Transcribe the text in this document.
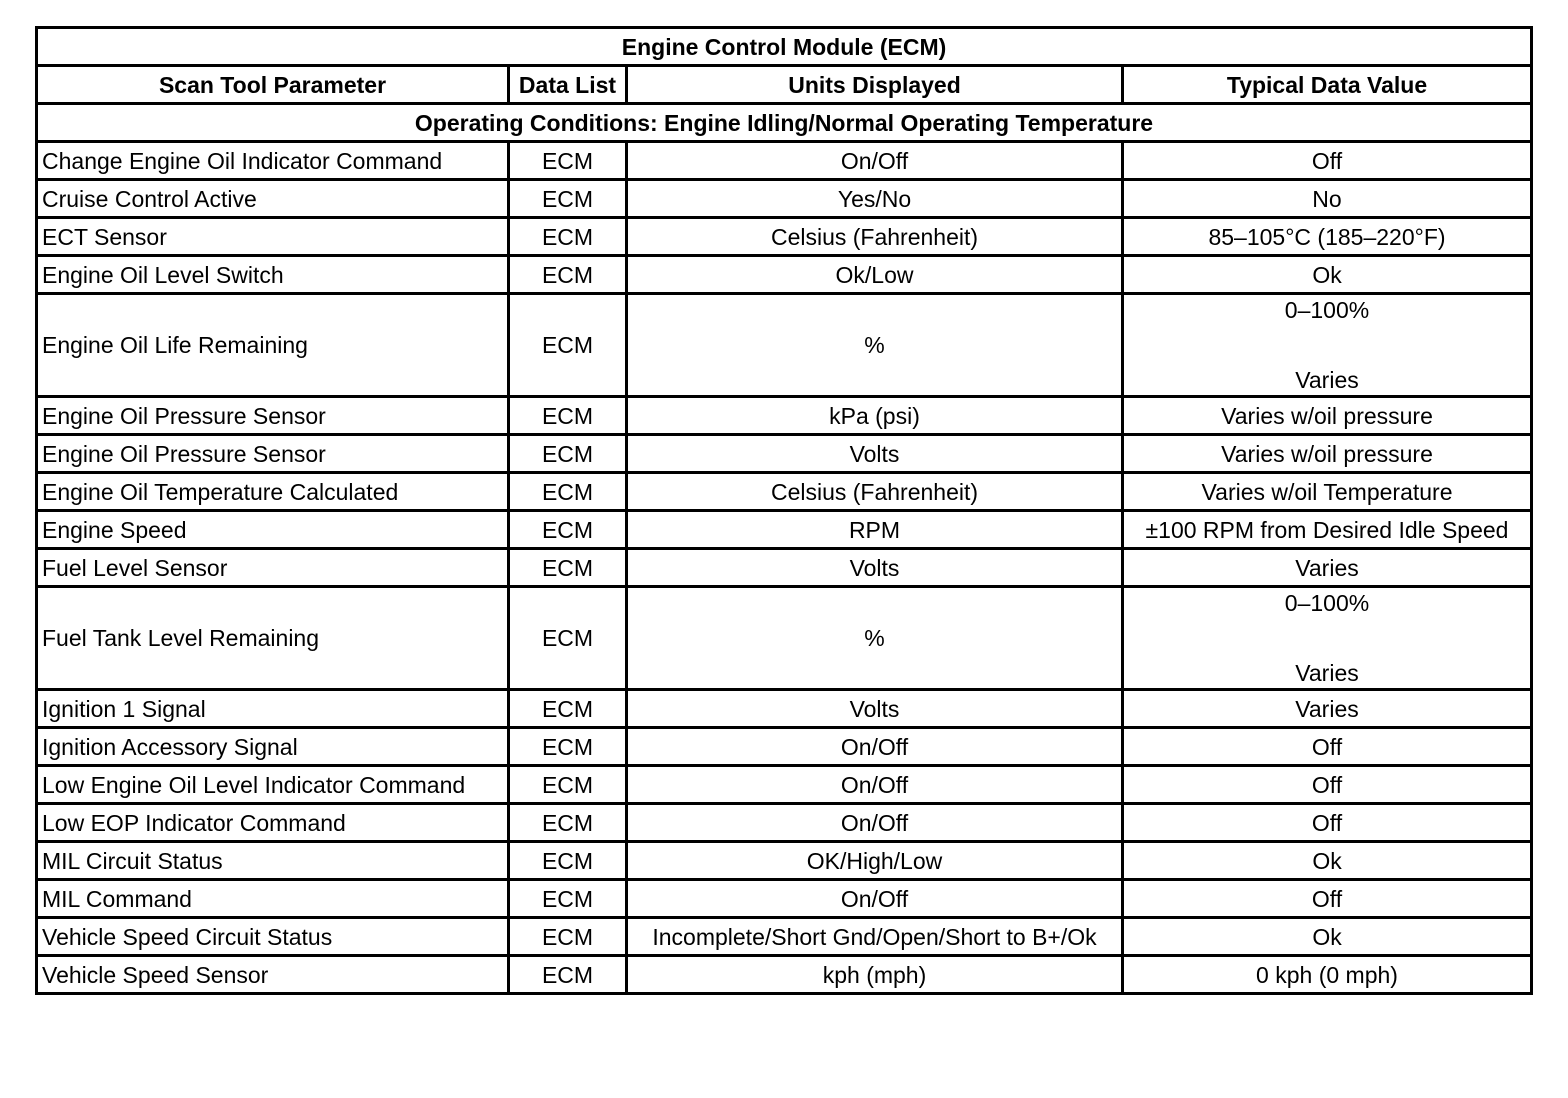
Engine Control Module (ECM)			
Scan Tool Parameter	Data List	Units Displayed	Typical Data Value
Operating Conditions: Engine Idling/Normal Operating Temperature			
Change Engine Oil Indicator Command	ECM	On/Off	Off
Cruise Control Active	ECM	Yes/No	No
ECT Sensor	ECM	Celsius (Fahrenheit)	85–105°C (185–220°F)
Engine Oil Level Switch	ECM	Ok/Low	Ok
Engine Oil Life Remaining	ECM	%	0–100%
Varies

Engine Oil Pressure Sensor	ECM	kPa (psi)	Varies w/oil pressure
Engine Oil Pressure Sensor	ECM	Volts	Varies w/oil pressure
Engine Oil Temperature Calculated	ECM	Celsius (Fahrenheit)	Varies w/oil Temperature
Engine Speed	ECM	RPM	±100 RPM from Desired Idle Speed
Fuel Level Sensor	ECM	Volts	Varies
Fuel Tank Level Remaining	ECM	%	0–100%
Varies

Ignition 1 Signal	ECM	Volts	Varies
Ignition Accessory Signal	ECM	On/Off	Off
Low Engine Oil Level Indicator Command	ECM	On/Off	Off
Low EOP Indicator Command	ECM	On/Off	Off
MIL Circuit Status	ECM	OK/High/Low	Ok
MIL Command	ECM	On/Off	Off
Vehicle Speed Circuit Status	ECM	Incomplete/Short Gnd/Open/Short to B+/Ok	Ok
Vehicle Speed Sensor	ECM	kph (mph)	0 kph (0 mph)
